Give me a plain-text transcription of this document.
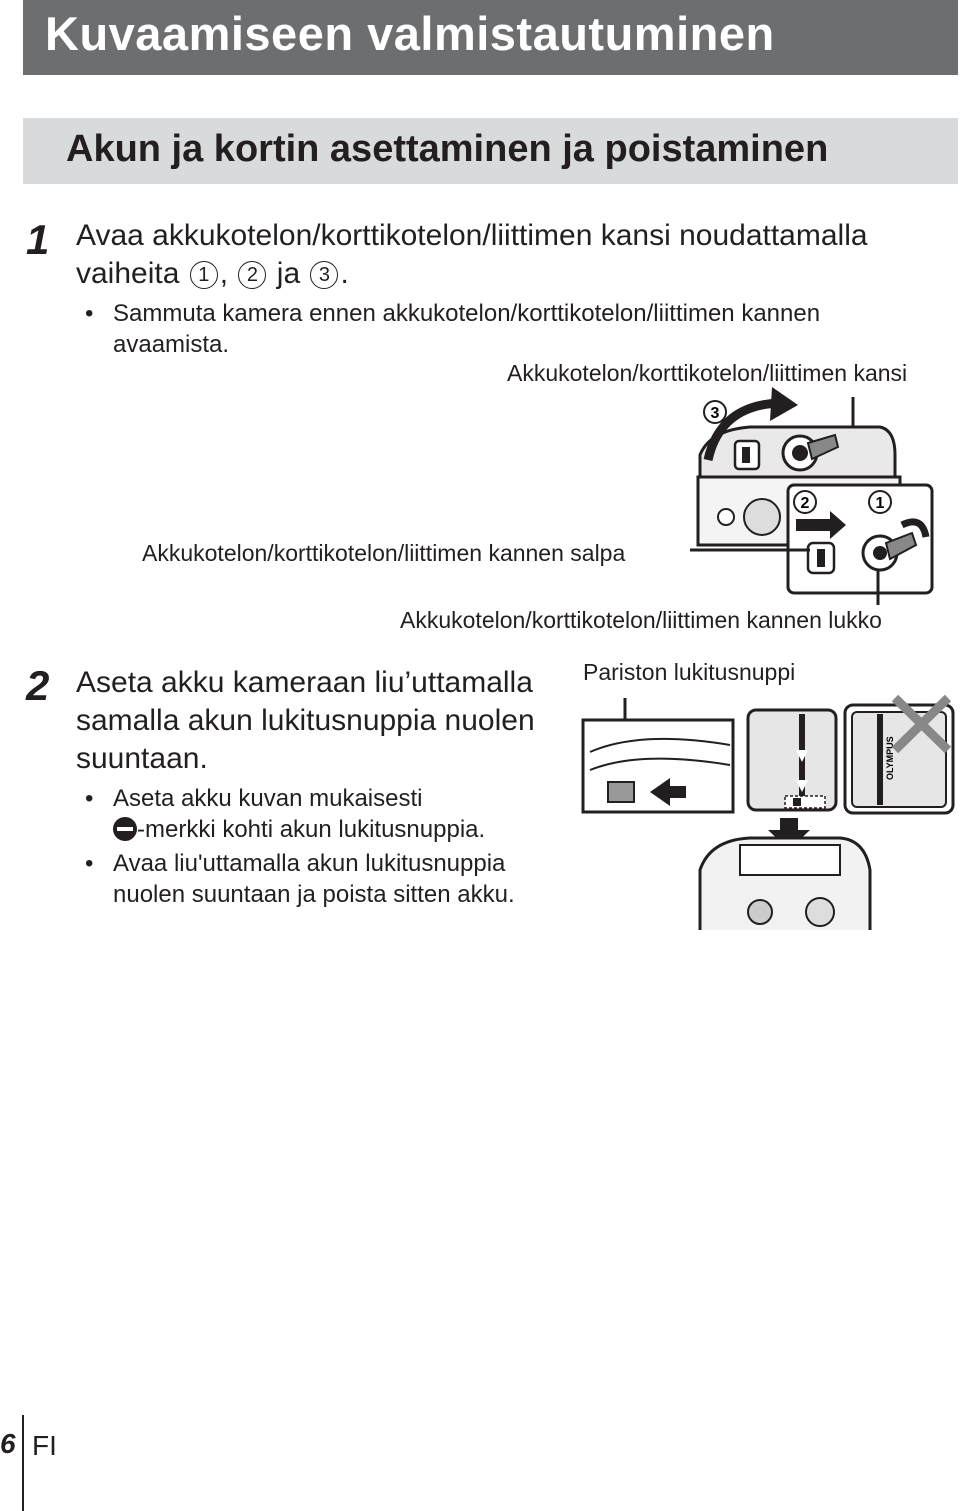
Kuvaamiseen valmistautuminen
Akun ja kortin asettaminen ja poistaminen
1 Avaa akkukotelon/korttikotelon/liittimen kansi noudattamalla
vaiheita 1 , 2 ja 3 .
• Sammuta kamera ennen akkukotelon/korttikotelon/liittimen kannen avaamista.
Akkukotelon/korttikotelon/liittimen kansi
Akkukotelon/korttikotelon/liittimen kannen salpa
Akkukotelon/korttikotelon/liittimen kannen lukko
3
2	1
2 Aseta akku kameraan liu’uttamalla samalla akun lukitusnuppia nuolen suuntaan.
• Aseta akku kuvan mukaisesti
-merkki kohti akun lukitusnuppia.
• Avaa liu'uttamalla akun lukitusnuppia nuolen suuntaan ja poista sitten akku.
Pariston lukitusnuppi
OLYMPUS
6 FI
